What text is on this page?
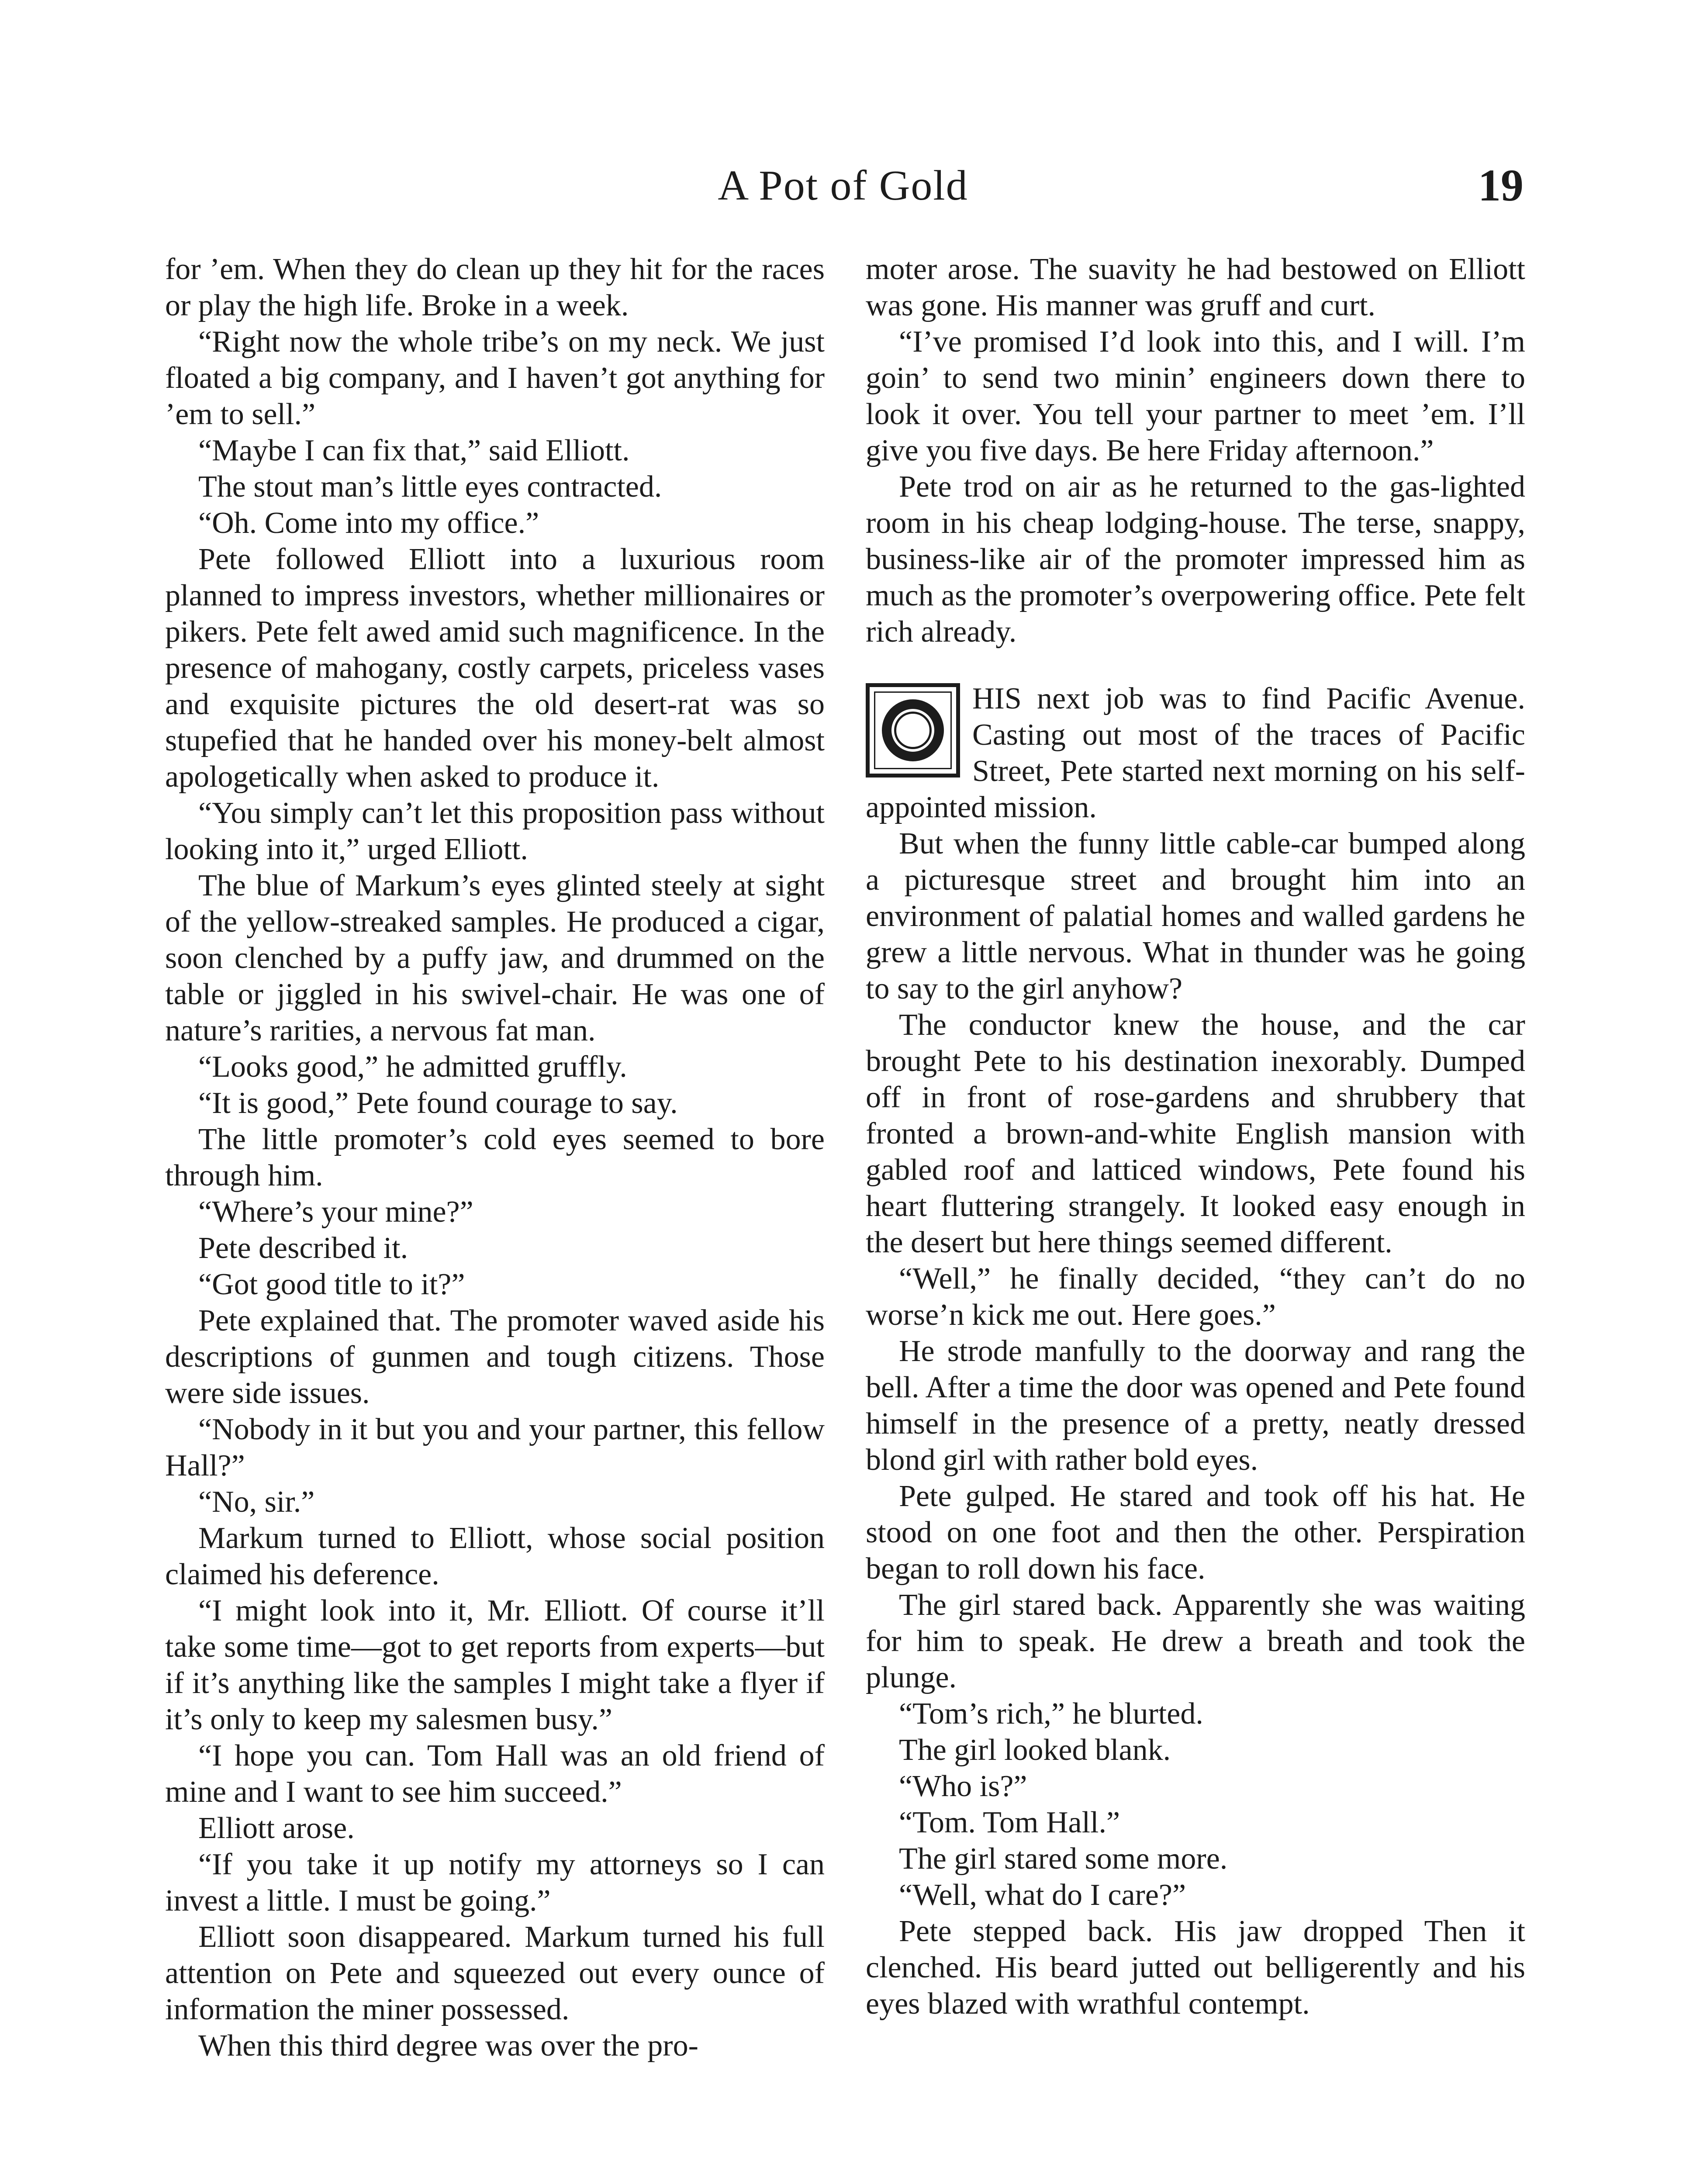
A Pot of Gold	19

for ’em. When they do clean up they hit for the races or play the high life. Broke in a week.

“Right now the whole tribe’s on my neck. We just floated a big company, and I haven’t got anything for ’em to sell.”

“Maybe I can fix that,” said Elliott.

The stout man’s little eyes contracted.

“Oh. Come into my office.”

Pete followed Elliott into a luxurious room planned to impress investors, whether millionaires or pikers. Pete felt awed amid such magnificence. In the presence of mahogany, costly carpets, priceless vases and exquisite pictures the old desert-rat was so stupefied that he handed over his money-belt almost apologetically when asked to produce it.

“You simply can’t let this proposition pass without looking into it,” urged Elliott.

The blue of Markum’s eyes glinted steely at sight of the yellow-streaked samples. He produced a cigar, soon clenched by a puffy jaw, and drummed on the table or jiggled in his swivel-chair. He was one of nature’s rarities, a nervous fat man.

“Looks good,” he admitted gruffly.

“It is good,” Pete found courage to say.

The little promoter’s cold eyes seemed to bore through him.

“Where’s your mine?”

Pete described it.

“Got good title to it?”

Pete explained that. The promoter waved aside his descriptions of gunmen and tough citizens. Those were side issues.

“Nobody in it but you and your partner, this fellow Hall?”

“No, sir.”

Markum turned to Elliott, whose social position claimed his deference.

“I might look into it, Mr. Elliott. Of course it’ll take some time—got to get reports from experts—but if it’s anything like the samples I might take a flyer if it’s only to keep my salesmen busy.”

“I hope you can. Tom Hall was an old friend of mine and I want to see him succeed.”

Elliott arose.

“If you take it up notify my attorneys so I can invest a little. I must be going.”

Elliott soon disappeared. Markum turned his full attention on Pete and squeezed out every ounce of information the miner possessed.

When this third degree was over the pro-

moter arose. The suavity he had bestowed on Elliott was gone. His manner was gruff and curt.

“I’ve promised I’d look into this, and I will. I’m goin’ to send two minin’ engineers down there to look it over. You tell your partner to meet ’em. I’ll give you five days. Be here Friday afternoon.”

Pete trod on air as he returned to the gas-lighted room in his cheap lodging-house. The terse, snappy, business-like air of the promoter impressed him as much as the promoter’s overpowering office. Pete felt rich already.

HIS next job was to find Pacific Avenue. Casting out most of the traces of Pacific Street, Pete started next morning on his self-appointed mission.

But when the funny little cable-car bumped along a picturesque street and brought him into an environment of palatial homes and walled gardens he grew a little nervous. What in thunder was he going to say to the girl anyhow?

The conductor knew the house, and the car brought Pete to his destination inexorably. Dumped off in front of rose-gardens and shrubbery that fronted a brown-and-white English mansion with gabled roof and latticed windows, Pete found his heart fluttering strangely. It looked easy enough in the desert but here things seemed different.

“Well,” he finally decided, “they can’t do no worse’n kick me out. Here goes.”

He strode manfully to the doorway and rang the bell. After a time the door was opened and Pete found himself in the presence of a pretty, neatly dressed blond girl with rather bold eyes.

Pete gulped. He stared and took off his hat. He stood on one foot and then the other. Perspiration began to roll down his face.

The girl stared back. Apparently she was waiting for him to speak. He drew a breath and took the plunge.

“Tom’s rich,” he blurted.

The girl looked blank.

“Who is?”

“Tom. Tom Hall.”

The girl stared some more.

“Well, what do I care?”

Pete stepped back. His jaw dropped Then it clenched. His beard jutted out belligerently and his eyes blazed with wrathful contempt.
